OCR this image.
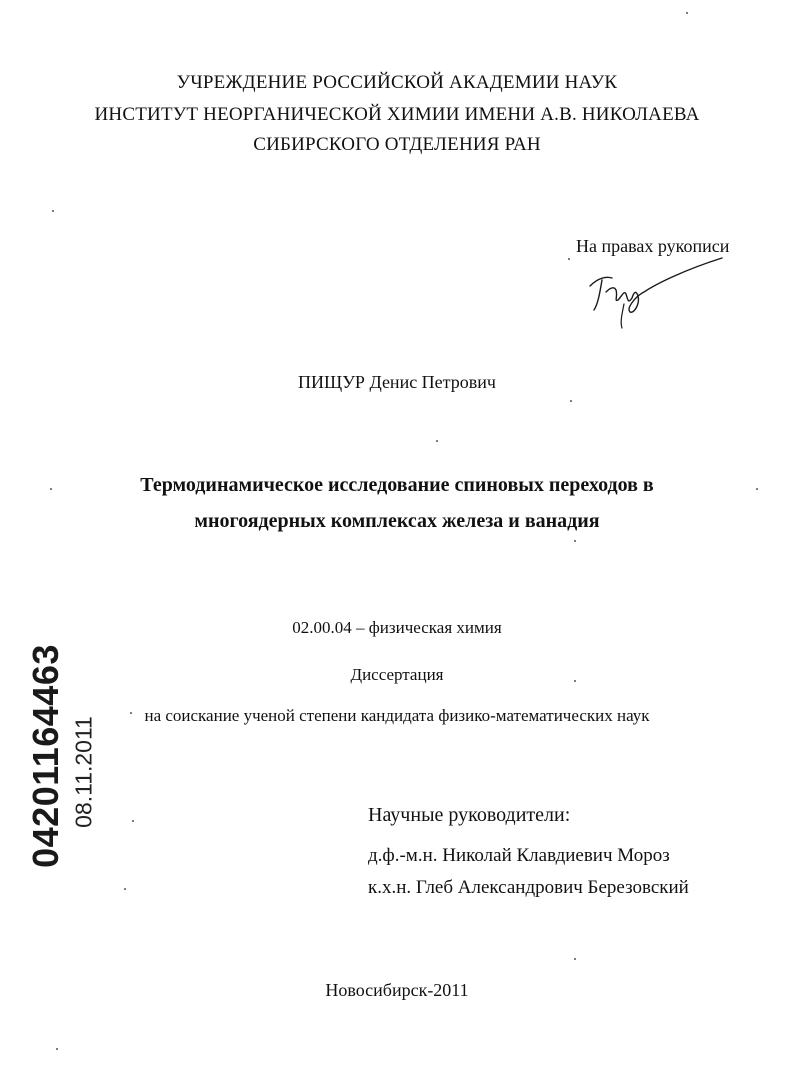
УЧРЕЖДЕНИЕ РОССИЙСКОЙ АКАДЕМИИ НАУК
ИНСТИТУТ НЕОРГАНИЧЕСКОЙ ХИМИИ ИМЕНИ А.В. НИКОЛАЕВА
СИБИРСКОГО ОТДЕЛЕНИЯ РАН
На правах рукописи
ПИЩУР Денис Петрович
Термодинамическое исследование спиновых переходов в
многоядерных комплексах железа и ванадия
02.00.04 – физическая химия
Диссертация
на соискание ученой степени кандидата физико-математических наук
Научные руководители:
д.ф.-м.н. Николай Клавдиевич Мороз
к.х.н. Глеб Александрович Березовский
Новосибирск-2011
04201164463 08.11.2011
